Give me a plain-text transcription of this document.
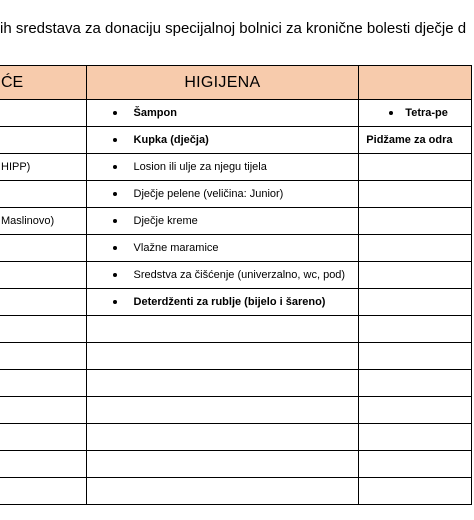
ih sredstava za donaciju specijalnoj bolnici za kronične bolesti dječje d
ĆE	HIGIJENA	

	Šampon	Tetra-pe

	Kupka (dječja)	Pidžame za odra
HIPP)	Losion ili ulje za njegu tijela	

	Dječje pelene (veličina: Junior)	

Maslinovo)	Dječje kreme	

	Vlažne maramice	

	Sredstva za čišćenje (univerzalno, wc, pod)	

	Deterdženti za rublje (bijelo i šareno)	
